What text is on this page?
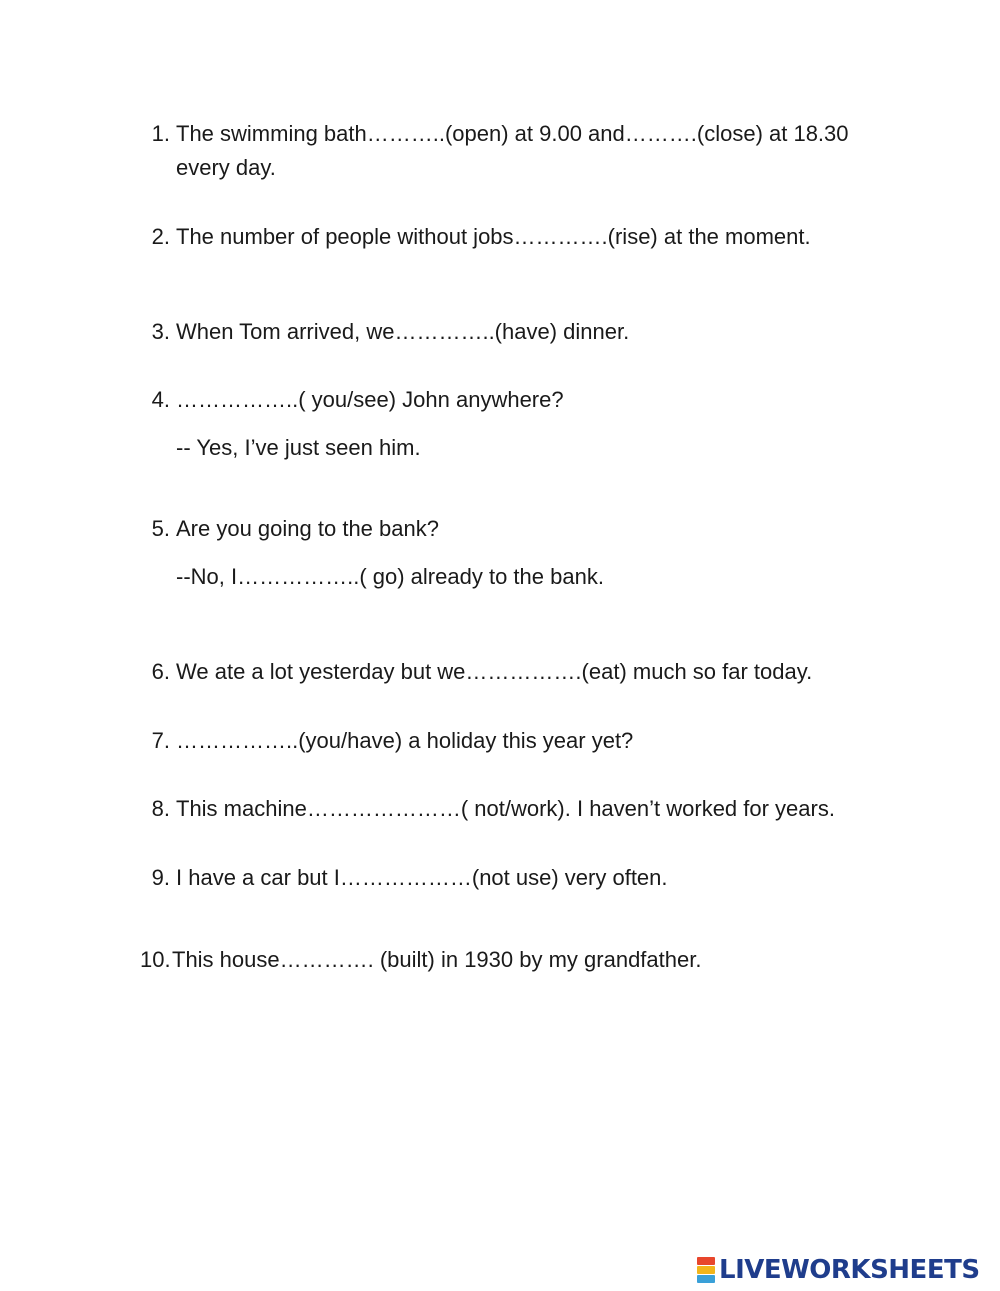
1. The swimming bath………..(open) at 9.00 and……….(close) at 18.30
every day.
2. The number of people without jobs………….(rise) at the moment.
3. When Tom arrived, we…………..(have) dinner.
4. ……………..( you/see) John anywhere?
-- Yes, I’ve just seen him.
5. Are you going to the bank?
--No, I……………..( go) already to the bank.
6. We ate a lot yesterday but we…………….(eat) much so far today.
7. ……………..(you/have) a holiday this year yet?
8. This machine…………………( not/work). I haven’t worked for years.
9. I have a car but I………………(not use) very often.
10. This house…………. (built) in 1930 by my grandfather.
LIVEWORKSHEETS
